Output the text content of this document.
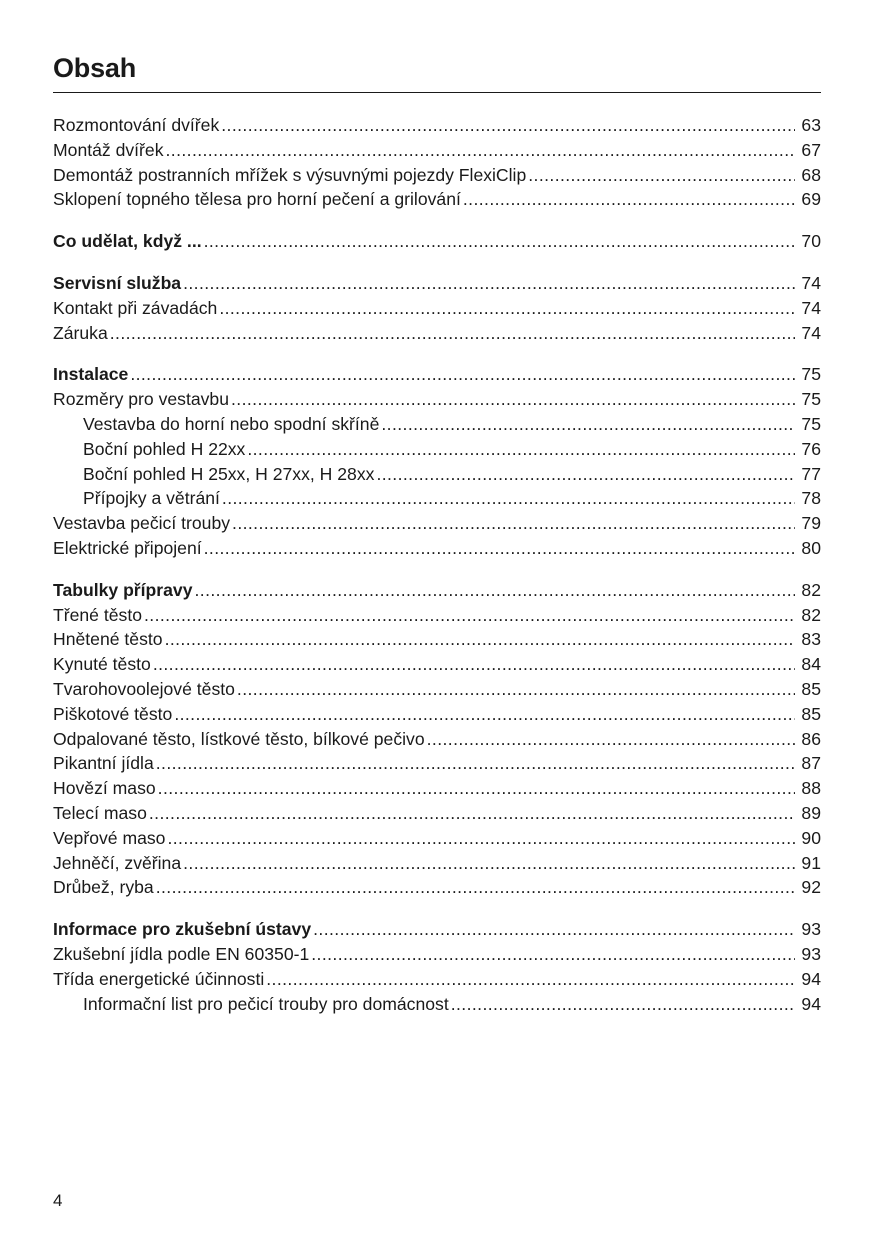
Obsah
Rozmontování dvířek .....	63
Montáž dvířek .....	67
Demontáž postranních mřížek s výsuvnými pojezdy FlexiClip .....	68
Sklopení topného tělesa pro horní pečení a grilování .....	69
Co udělat, když ... .....	70
Servisní služba .....	74
Kontakt při závadách .....	74
Záruka .....	74
Instalace .....	75
Rozměry pro vestavbu .....	75
Vestavba do horní nebo spodní skříně .....	75
Boční pohled H 22xx .....	76
Boční pohled H 25xx, H 27xx, H 28xx .....	77
Přípojky a větrání .....	78
Vestavba pečicí trouby .....	79
Elektrické připojení .....	80
Tabulky přípravy .....	82
Třené těsto .....	82
Hnětené těsto .....	83
Kynuté těsto .....	84
Tvarohovoolejové těsto .....	85
Piškotové těsto .....	85
Odpalované těsto, lístkové těsto, bílkové pečivo .....	86
Pikantní jídla .....	87
Hovězí maso .....	88
Telecí maso .....	89
Vepřové maso .....	90
Jehněčí, zvěřina .....	91
Drůbež, ryba .....	92
Informace pro zkušební ústavy .....	93
Zkušební jídla podle EN 60350-1 .....	93
Třída energetické účinnosti .....	94
Informační list pro pečicí trouby pro domácnost .....	94
4
